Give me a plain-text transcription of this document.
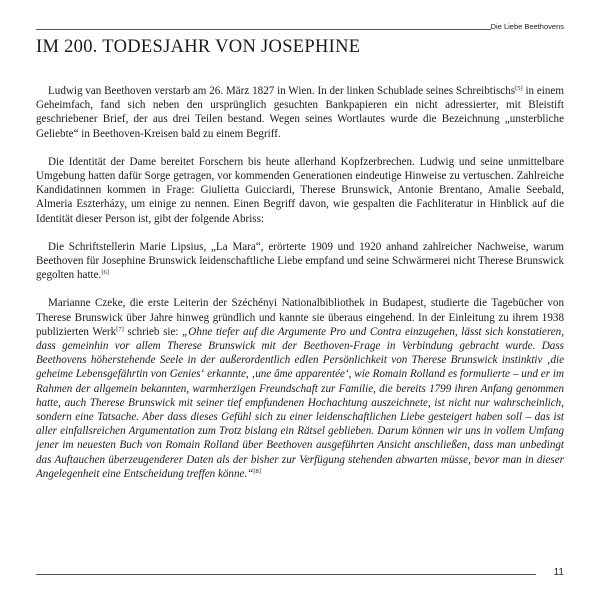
Die Liebe Beethovens
IM 200. TODESJAHR VON JOSEPHINE

Ludwig van Beethoven verstarb am 26. März 1827 in Wien. In der linken Schublade seines Schreibtischs[5] in einem Geheimfach, fand sich neben den ursprünglich gesuchten Bankpapieren ein nicht adressierter, mit Bleistift geschriebener Brief, der aus drei Teilen bestand. Wegen seines Wortlautes wurde die Bezeichnung „unsterbliche Geliebte“ in Beethoven-Kreisen bald zu einem Begriff.

Die Identität der Dame bereitet Forschern bis heute allerhand Kopfzerbrechen. Ludwig und seine unmittelbare Umgebung hatten dafür Sorge getragen, vor kommenden Generationen eindeutige Hinweise zu vertuschen. Zahlreiche Kandidatinnen kommen in Frage: Giulietta Guicciardi, Therese Brunswick, Antonie Brentano, Amalie Seebald, Almeria Eszterházy, um einige zu nennen. Einen Begriff davon, wie gespalten die Fachliteratur in Hinblick auf die Identität dieser Person ist, gibt der folgende Abriss:

Die Schriftstellerin Marie Lipsius, „La Mara“, erörterte 1909 und 1920 anhand zahlreicher Nachweise, warum Beethoven für Josephine Brunswick leidenschaftliche Liebe empfand und seine Schwärmerei nicht Therese Brunswick gegolten hatte.[6]

Marianne Czeke, die erste Leiterin der Széchényi Nationalbibliothek in Budapest, studierte die Tagebücher von Therese Brunswick über Jahre hinweg gründlich und kannte sie überaus eingehend. In der Einleitung zu ihrem 1938 publizierten Werk[7] schrieb sie: „Ohne tiefer auf die Argumente Pro und Contra einzugehen, lässt sich konstatieren, dass gemeinhin vor allem Therese Brunswick mit der Beethoven-Frage in Verbindung gebracht wurde. Dass Beethovens höherstehende Seele in der außerordentlich edlen Persönlichkeit von Therese Brunswick instinktiv ‚die geheime Lebensgefährtin von Genies‘ erkannte, ‚une âme apparentée‘, wie Romain Rolland es formulierte – und er im Rahmen der allgemein bekannten, warmherzigen Freundschaft zur Familie, die bereits 1799 ihren Anfang genommen hatte, auch Therese Brunswick mit seiner tief empfundenen Hochachtung auszeichnete, ist nicht nur wahrscheinlich, sondern eine Tatsache. Aber dass dieses Gefühl sich zu einer leidenschaftlichen Liebe gesteigert haben soll – das ist aller einfallsreichen Argumentation zum Trotz bislang ein Rätsel geblieben. Darum können wir uns in vollem Umfang jener im neuesten Buch von Romain Rolland über Beethoven ausgeführten Ansicht anschließen, dass man unbedingt das Auftauchen überzeugenderer Daten als der bisher zur Verfügung stehenden abwarten müsse, bevor man in dieser Angelegenheit eine Entscheidung treffen könne.“[8]

11
